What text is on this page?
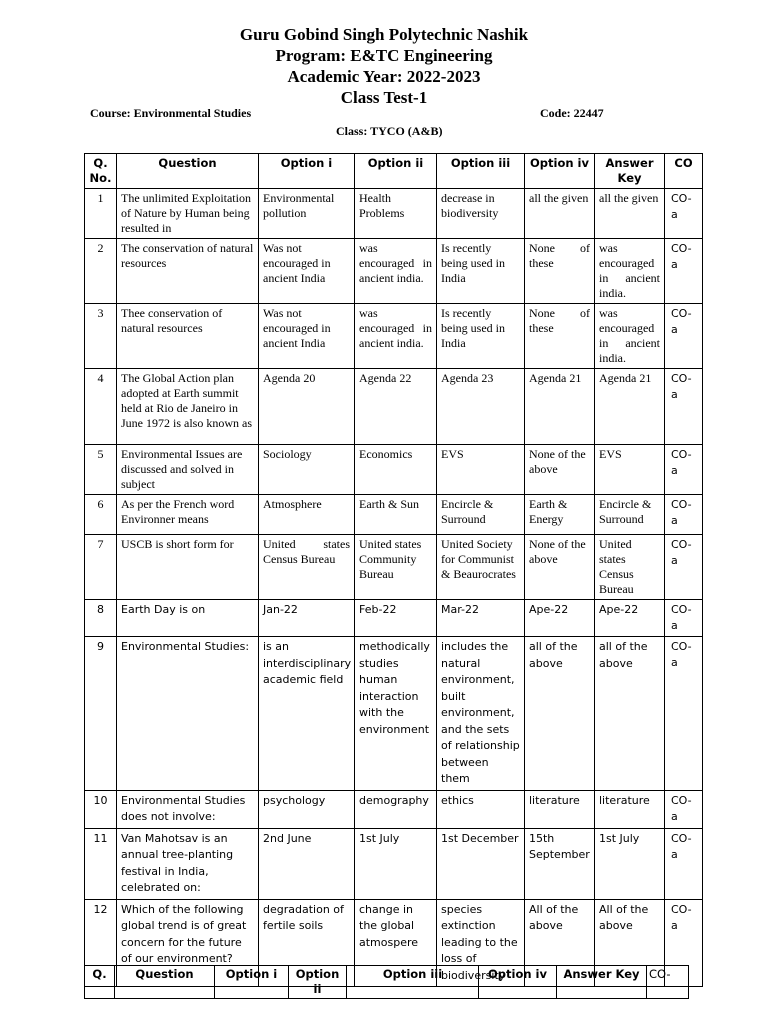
Guru Gobind Singh Polytechnic Nashik
Program: E&TC Engineering
Academic Year: 2022-2023
Class Test-1
Course: Environmental Studies	Code: 22447
Class: TYCO (A&B)
Q. No.	Question	Option i	Option ii	Option iii	Option iv	Answer Key	CO
1	The unlimited Exploitation of Nature by Human being resulted in	Environmental pollution	Health Problems	decrease in biodiversity	all the given	all the given	CO-a
2	The conservation of natural resources	Was not encouraged in ancient India	was encouraged in ancient india.	Is recently being used in India	None of these	was encouraged in ancient india.	CO-a
3	Thee conservation of natural resources	Was not encouraged in ancient India	was encouraged in ancient india.	Is recently being used in India	None of these	was encouraged in ancient india.	CO-a
4	The Global Action plan adopted at Earth summit held at Rio de Janeiro in June 1972 is also known as	Agenda 20	Agenda 22	Agenda 23	Agenda 21	Agenda 21	CO-a
5	Environmental Issues are discussed and solved in subject	Sociology	Economics	EVS	None of the above	EVS	CO-a
6	As per the French word Environner means	Atmosphere	Earth & Sun	Encircle & Surround	Earth & Energy	Encircle & Surround	CO-a
7	USCB is short form for	United states Census Bureau	United states Community Bureau	United Society for Communist & Beaurocrates	None of the above	United states Census Bureau	CO-a
8	Earth Day is on	Jan-22	Feb-22	Mar-22	Ape-22	Ape-22	CO-a
9	Environmental Studies:	is an interdisciplinary academic field	methodically studies human interaction with the environment	includes the natural environment, built environment, and the sets of relationship between them	all of the above	all of the above	CO-a
10	Environmental Studies does not involve:	psychology	demography	ethics	literature	literature	CO-a
11	Van Mahotsav is an annual tree-planting festival in India, celebrated on:	2nd June	1st July	1st December	15th September	1st July	CO-a
12	Which of the following global trend is of great concern for the future of our environment?	degradation of fertile soils	change in the global atmospere	species extinction leading to the loss of biodiversity	All of the above	All of the above	CO-a
Q.	Question	Option i	Option ii	Option iii	Option iv	Answer Key	CO-
